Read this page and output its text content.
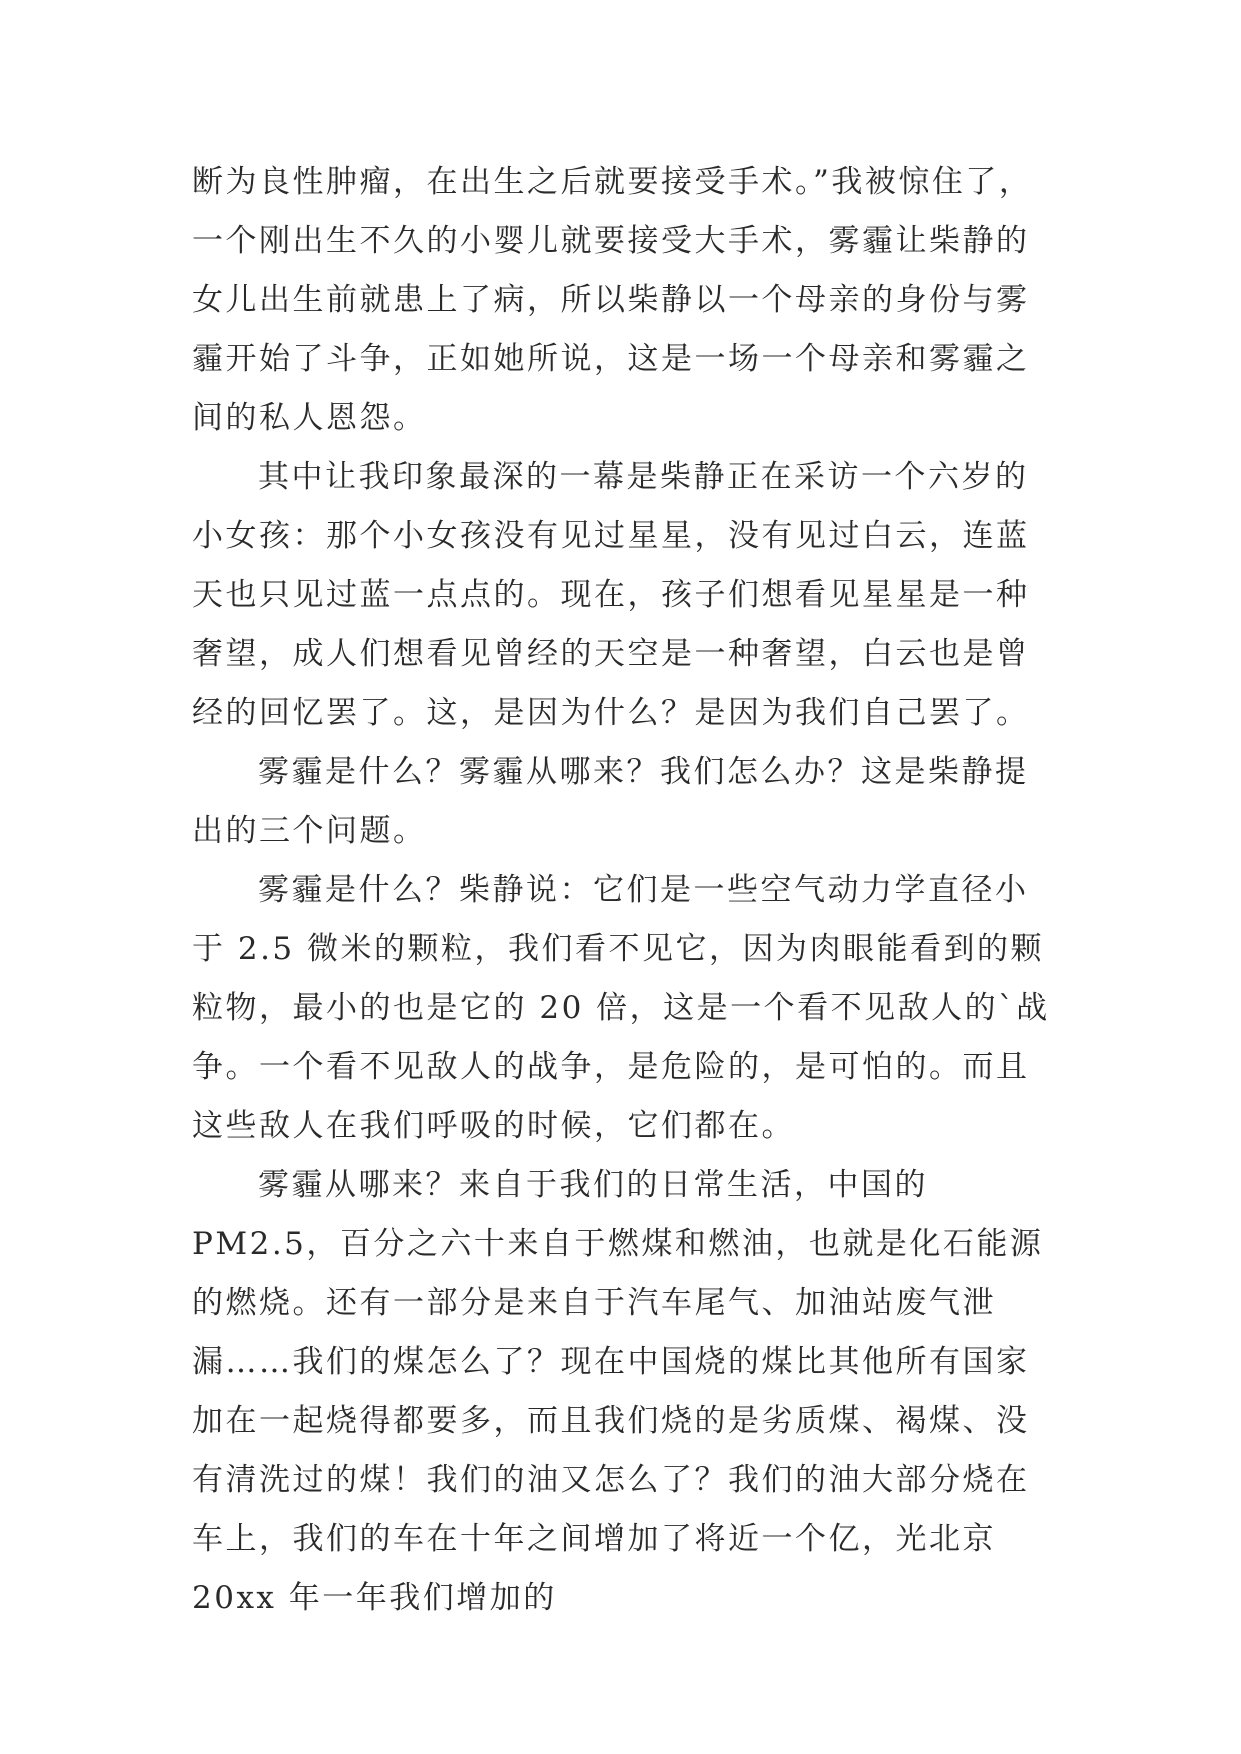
断为良性肿瘤，在出生之后就要接受手术。”我被惊住了，一个刚出生不久的小婴儿就要接受大手术，雾霾让柴静的女儿出生前就患上了病，所以柴静以一个母亲的身份与雾霾开始了斗争，正如她所说，这是一场一个母亲和雾霾之间的私人恩怨。

其中让我印象最深的一幕是柴静正在采访一个六岁的小女孩：那个小女孩没有见过星星，没有见过白云，连蓝天也只见过蓝一点点的。现在，孩子们想看见星星是一种奢望，成人们想看见曾经的天空是一种奢望，白云也是曾经的回忆罢了。这，是因为什么？是因为我们自己罢了。

雾霾是什么？雾霾从哪来？我们怎么办？这是柴静提出的三个问题。

雾霾是什么？柴静说：它们是一些空气动力学直径小于 2.5 微米的颗粒，我们看不见它，因为肉眼能看到的颗粒物，最小的也是它的 20 倍，这是一个看不见敌人的`战争。一个看不见敌人的战争，是危险的，是可怕的。而且这些敌人在我们呼吸的时候，它们都在。

雾霾从哪来？来自于我们的日常生活，中国的 PM2.5，百分之六十来自于燃煤和燃油，也就是化石能源的燃烧。还有一部分是来自于汽车尾气、加油站废气泄漏……我们的煤怎么了？现在中国烧的煤比其他所有国家加在一起烧得都要多，而且我们烧的是劣质煤、褐煤、没有清洗过的煤！我们的油又怎么了？我们的油大部分烧在车上，我们的车在十年之间增加了将近一个亿，光北京 20xx 年一年我们增加的
